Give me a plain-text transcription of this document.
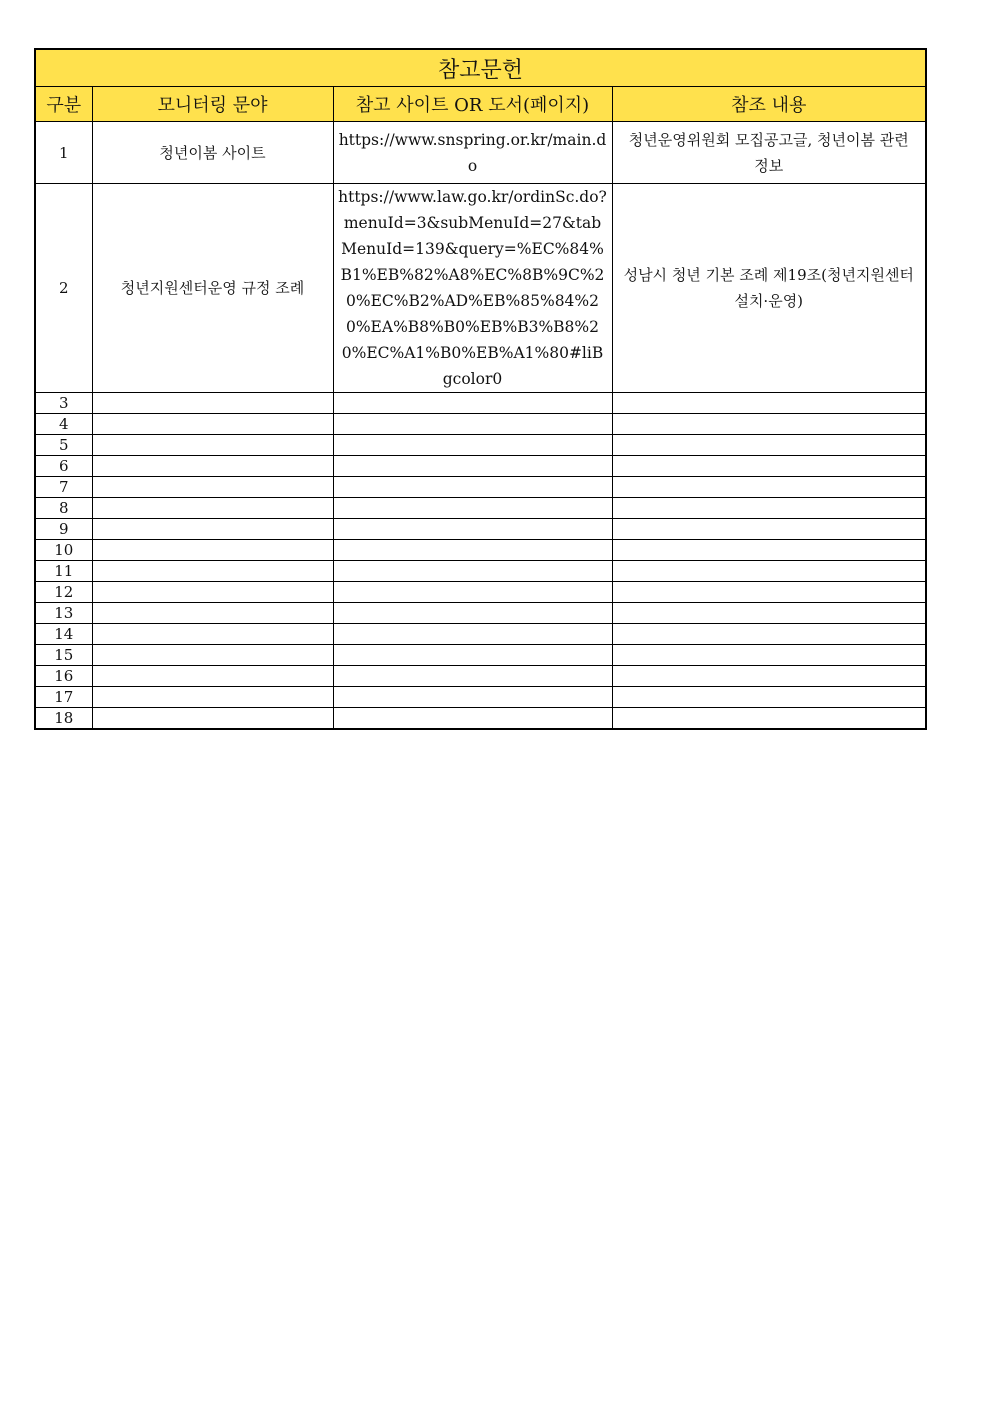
참고문헌			
구분	모니터링 문야	참고 사이트 OR 도서(페이지)	참조 내용
1	청년이봄 사이트	https://www.snspring.or.kr/main.do	청년운영위원회 모집공고글, 청년이봄 관련 정보

2	청년지원센터운영 규정 조례	https://www.law.go.kr/ordinSc.do?menuId=3&subMenuId=27&tabMenuId=139&query=%EC%84%B1%EB%82%A8%EC%8B%9C%20%EC%B2%AD%EB%85%84%20%EA%B8%B0%EB%B3%B8%20%EC%A1%B0%EB%A1%80#liBgcolor0	성남시 청년 기본 조례 제19조(청년지원센터 설치·운영)

3			
4			
5			
6			
7			
8			
9			
10			
11			
12			
13			
14			
15			
16			
17			
18			
